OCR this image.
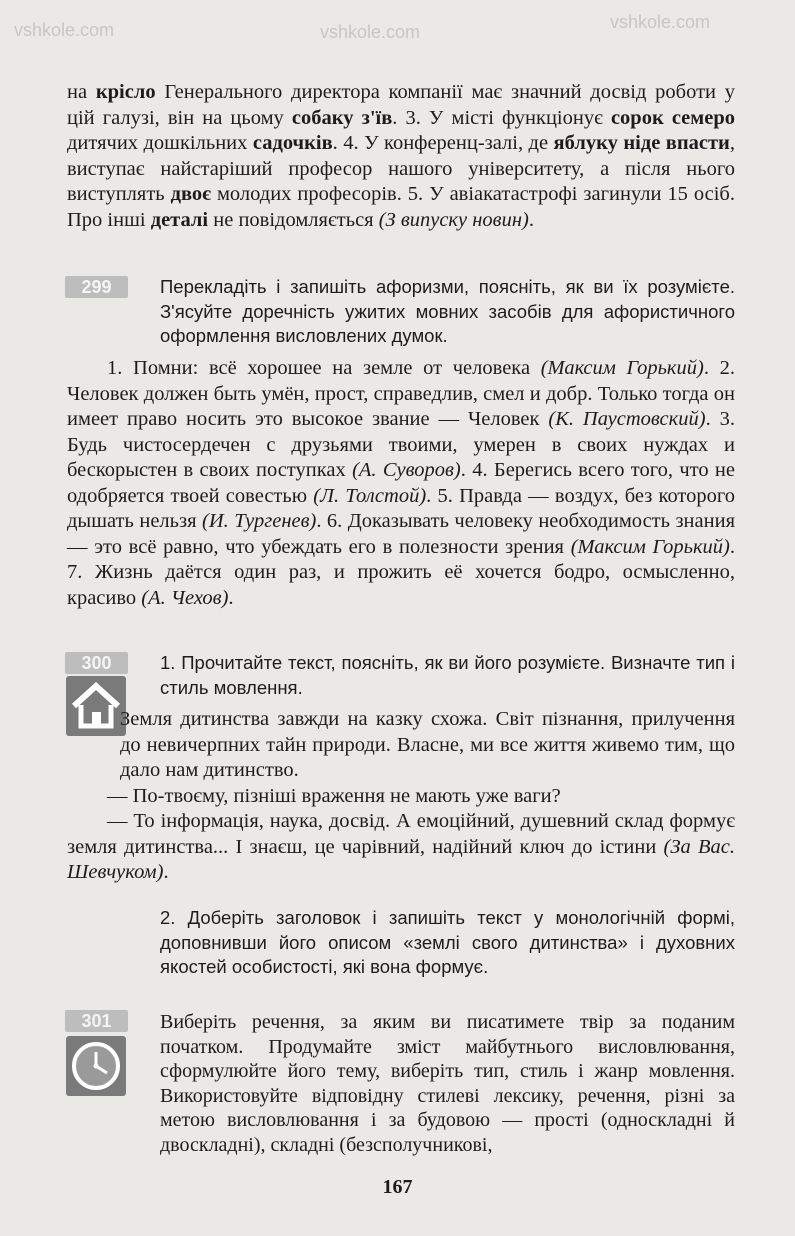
vshkole.com	vshkole.com	vshkole.com

на крісло Генерального директора компанії має значний досвід роботи у цій галузі, він на цьому собаку з'їв. 3. У місті функціонує сорок семеро дитячих дошкільних садочків. 4. У конференц-залі, де яблуку ніде впасти, виступає найстаріший професор нашого університету, а після нього виступлять двоє молодих професорів. 5. У авіакатастрофі загинули 15 осіб. Про інші деталі не повідомляється (З випуску новин).

299	Перекладіть і запишіть афоризми, поясніть, як ви їх розумієте. З'ясуйте доречність ужитих мовних засобів для афористичного оформлення висловлених думок.

1. Помни: всё хорошее на земле от человека (Максим Горький). 2. Человек должен быть умён, прост, справедлив, смел и добр. Только тогда он имеет право носить это высокое звание — Человек (К. Паустовский). 3. Будь чистосердечен с друзьями твоими, умерен в своих нуждах и бескорыстен в своих поступках (А. Суворов). 4. Берегись всего того, что не одобряется твоей совестью (Л. Толстой). 5. Правда — воздух, без которого дышать нельзя (И. Тургенев). 6. Доказывать человеку необходимость знания — это всё равно, что убеждать его в полезности зрения (Максим Горький). 7. Жизнь даётся один раз, и прожить её хочется бодро, осмысленно, красиво (А. Чехов).

300	1. Прочитайте текст, поясніть, як ви його розумієте. Визначте тип і стиль мовлення.

Земля дитинства завжди на казку схожа. Світ пізнання, прилучення до невичерпних тайн природи. Власне, ми все життя живемо тим, що дало нам дитинство.
— По-твоєму, пізніші враження не мають уже ваги?
— То інформація, наука, досвід. А емоційний, душевний склад формує земля дитинства... І знаєш, це чарівний, надійний ключ до істини (За Вас. Шевчуком).

2. Доберіть заголовок і запишіть текст у монологічній формі, доповнивши його описом «землі свого дитинства» і духовних якостей особистості, які вона формує.

301	Виберіть речення, за яким ви писатимете твір за поданим початком. Продумайте зміст майбутнього висловлювання, сформулюйте його тему, виберіть тип, стиль і жанр мовлення. Використовуйте відповідну стилеві лексику, речення, різні за метою висловлювання і за будовою — прості (односкладні й двоскладні), складні (безсполучникові,

167
